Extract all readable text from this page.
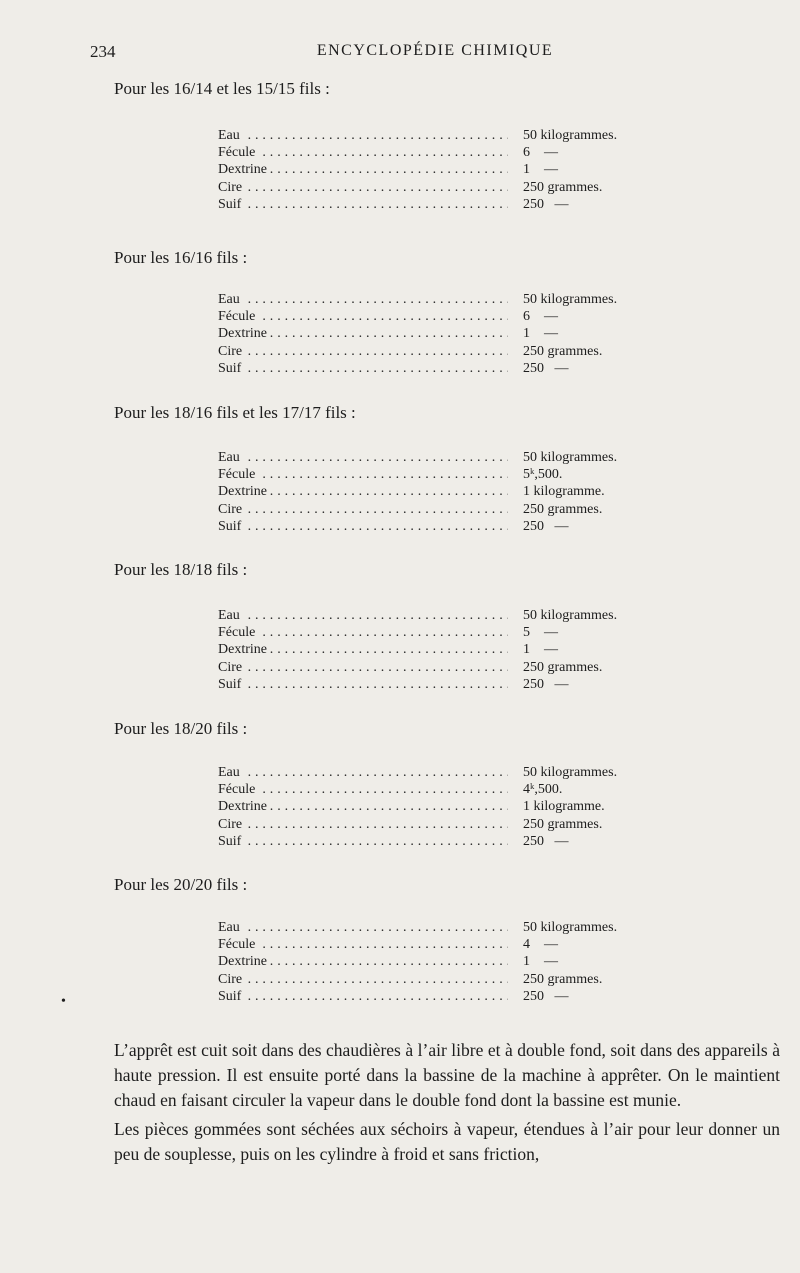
234	ENCYCLOPÉDIE CHIMIQUE
Pour les 16/14 et les 15/15 fils :
Eau . . .	50 kilogrammes.
Fécule . . .	6    —
Dextrine . . .	1    —
Cire . . .	250 grammes.
Suif . . .	250   —
Pour les 16/16 fils :
Eau . . .	50 kilogrammes.
Fécule . . .	6    —
Dextrine . . .	1    —
Cire . . .	250 grammes.
Suif . . .	250   —
Pour les 18/16 fils et les 17/17 fils :
Eau . . .	50 kilogrammes.
Fécule . . .	5ᵏ,500.
Dextrine . . .	1 kilogramme.
Cire . . .	250 grammes.
Suif . . .	250   —
Pour les 18/18 fils :
Eau . . .	50 kilogrammes.
Fécule . . .	5    —
Dextrine . . .	1    —
Cire . . .	250 grammes.
Suif . . .	250   —
Pour les 18/20 fils :
Eau . . .	50 kilogrammes.
Fécule . . .	4ᵏ,500.
Dextrine . . .	1 kilogramme.
Cire . . .	250 grammes.
Suif . . .	250   —
Pour les 20/20 fils :
Eau . . .	50 kilogrammes.
Fécule . . .	4    —
Dextrine . . .	1    —
Cire . . .	250 grammes.
Suif . . .	250   —
•

L’apprêt est cuit soit dans des chaudières à l’air libre et à double fond, soit dans des appareils à haute pression. Il est ensuite porté dans la bassine de la machine à apprêter. On le maintient chaud en faisant circuler la vapeur dans le double fond dont la bassine est munie.

Les pièces gommées sont séchées aux séchoirs à vapeur, étendues à l’air pour leur donner un peu de souplesse, puis on les cylindre à froid et sans friction,
